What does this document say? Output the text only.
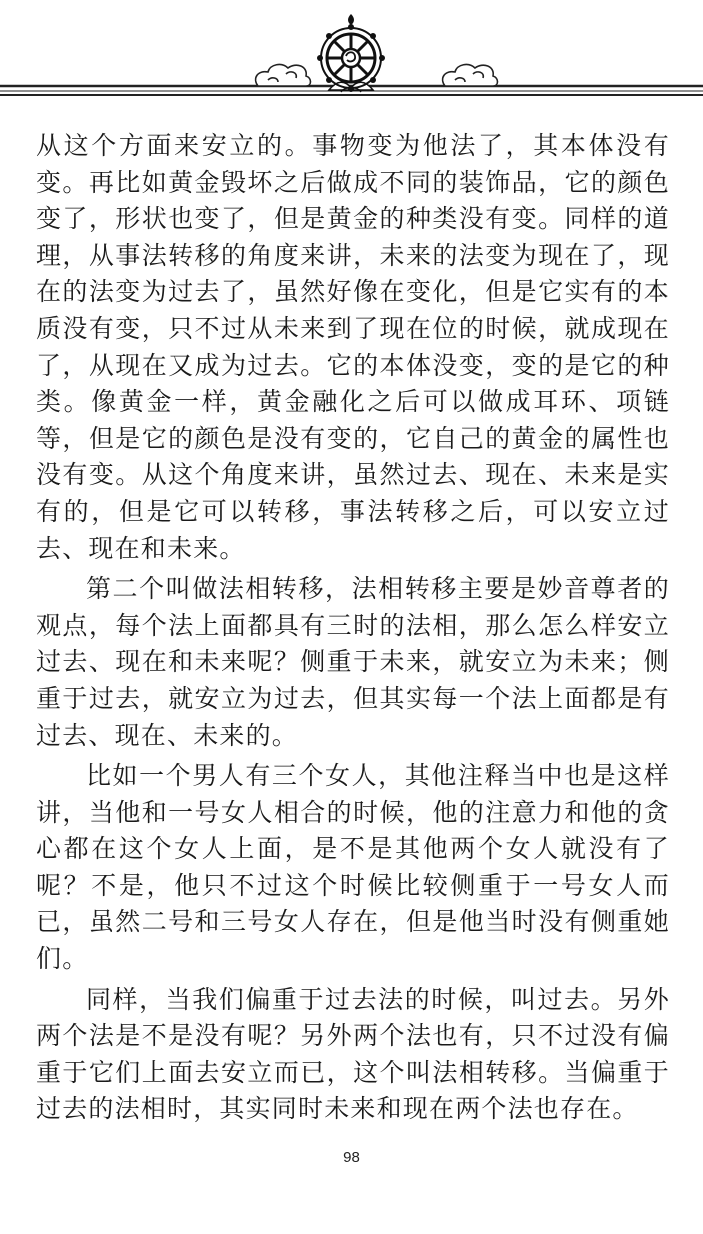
从这个方面来安立的。事物变为他法了，其本体没有变。再比如黄金毁坏之后做成不同的装饰品，它的颜色变了，形状也变了，但是黄金的种类没有变。同样的道理，从事法转移的角度来讲，未来的法变为现在了，现在的法变为过去了，虽然好像在变化，但是它实有的本质没有变，只不过从未来到了现在位的时候，就成现在了，从现在又成为过去。它的本体没变，变的是它的种类。像黄金一样，黄金融化之后可以做成耳环、项链等，但是它的颜色是没有变的，它自己的黄金的属性也没有变。从这个角度来讲，虽然过去、现在、未来是实有的，但是它可以转移，事法转移之后，可以安立过去、现在和未来。

第二个叫做法相转移，法相转移主要是妙音尊者的观点，每个法上面都具有三时的法相，那么怎么样安立过去、现在和未来呢？侧重于未来，就安立为未来；侧重于过去，就安立为过去，但其实每一个法上面都是有过去、现在、未来的。

比如一个男人有三个女人，其他注释当中也是这样讲，当他和一号女人相合的时候，他的注意力和他的贪心都在这个女人上面，是不是其他两个女人就没有了呢？不是，他只不过这个时候比较侧重于一号女人而已，虽然二号和三号女人存在，但是他当时没有侧重她们。

同样，当我们偏重于过去法的时候，叫过去。另外两个法是不是没有呢？另外两个法也有，只不过没有偏重于它们上面去安立而已，这个叫法相转移。当偏重于过去的法相时，其实同时未来和现在两个法也存在。

98
